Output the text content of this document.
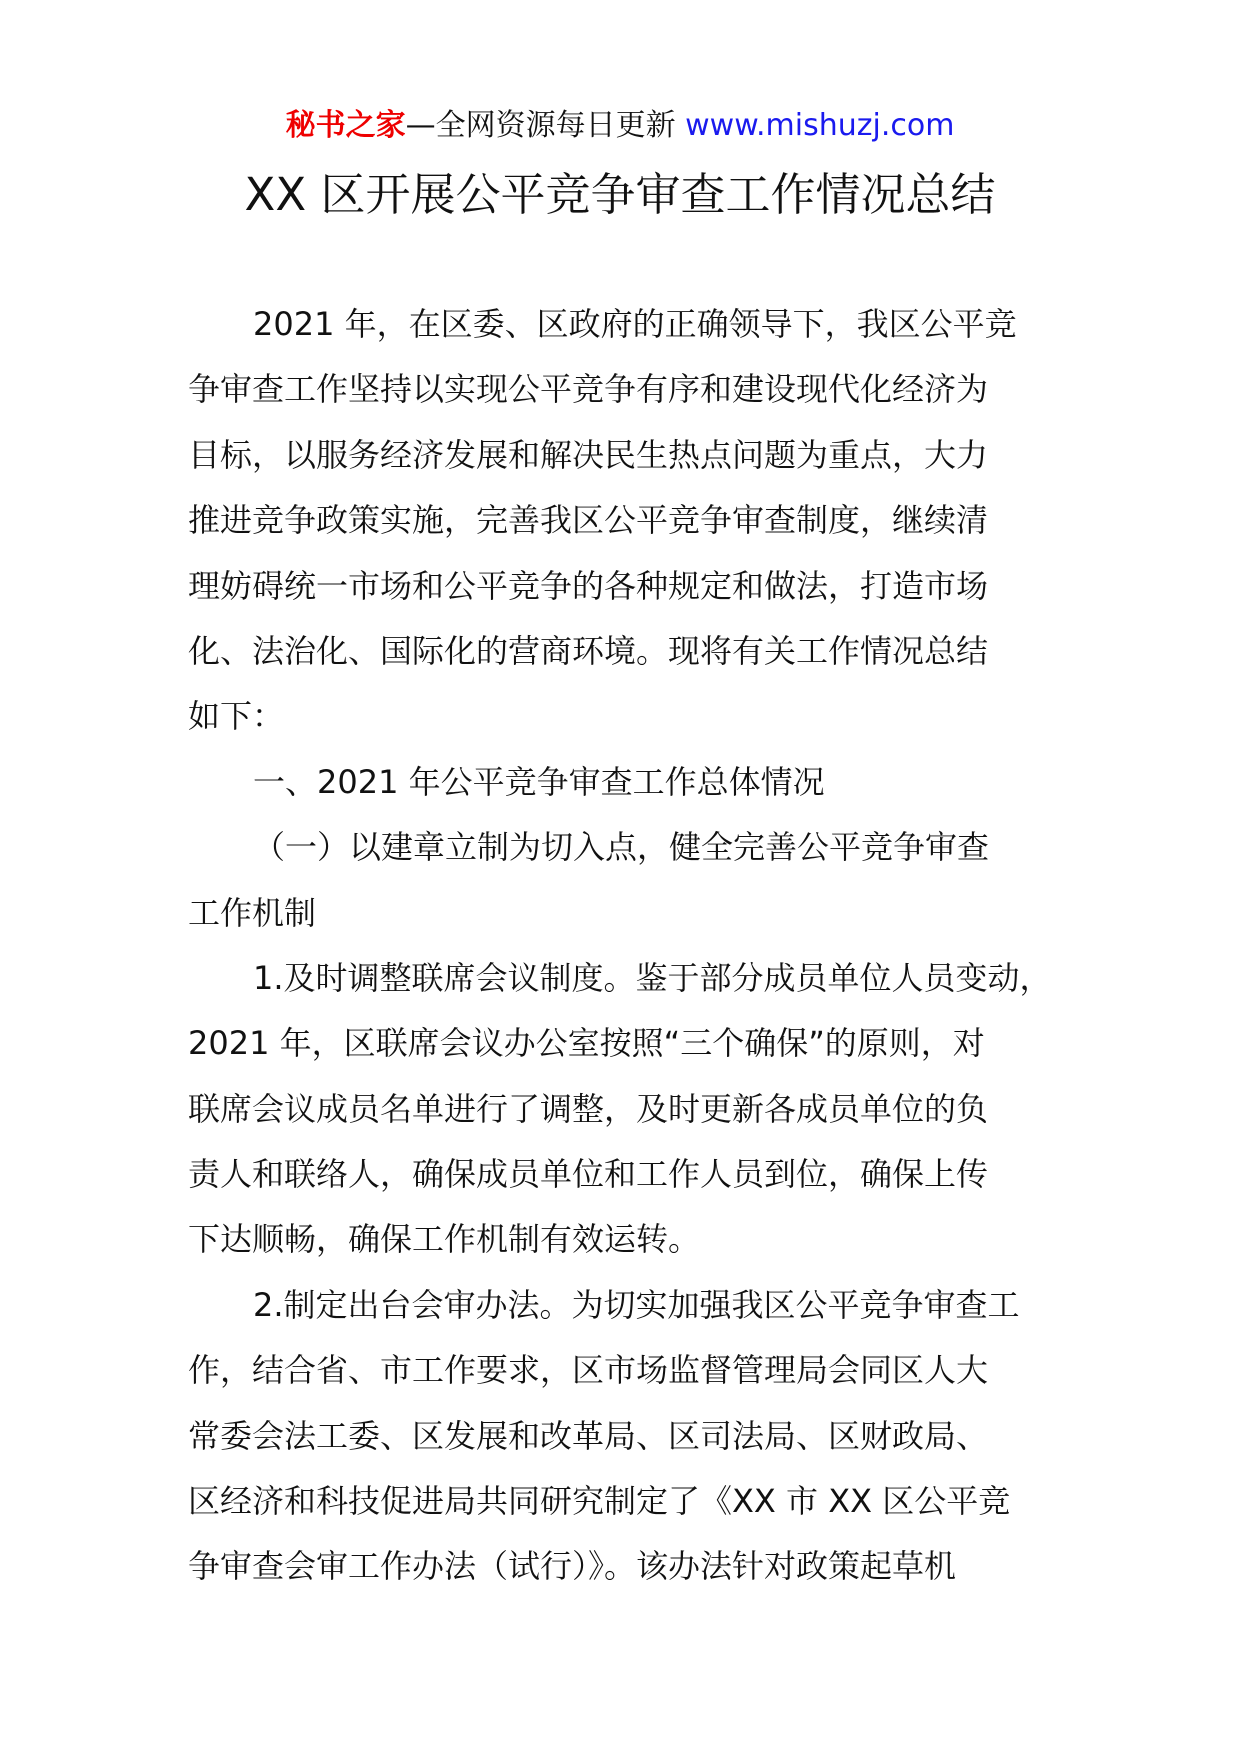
秘书之家—全网资源每日更新 www.mishuzj.com
XX 区开展公平竞争审查工作情况总结

2021 年，在区委、区政府的正确领导下，我区公平竞
争审查工作坚持以实现公平竞争有序和建设现代化经济为
目标，以服务经济发展和解决民生热点问题为重点，大力
推进竞争政策实施，完善我区公平竞争审查制度，继续清
理妨碍统一市场和公平竞争的各种规定和做法，打造市场
化、法治化、国际化的营商环境。现将有关工作情况总结
如下：

一、2021 年公平竞争审查工作总体情况

（一）以建章立制为切入点，健全完善公平竞争审查
工作机制

1.及时调整联席会议制度。鉴于部分成员单位人员变动，
2021 年，区联席会议办公室按照“三个确保”的原则，对
联席会议成员名单进行了调整，及时更新各成员单位的负
责人和联络人，确保成员单位和工作人员到位，确保上传
下达顺畅，确保工作机制有效运转。

2.制定出台会审办法。为切实加强我区公平竞争审查工
作，结合省、市工作要求，区市场监督管理局会同区人大
常委会法工委、区发展和改革局、区司法局、区财政局、
区经济和科技促进局共同研究制定了《XX 市 XX 区公平竞
争审查会审工作办法（试行）》。该办法针对政策起草机
